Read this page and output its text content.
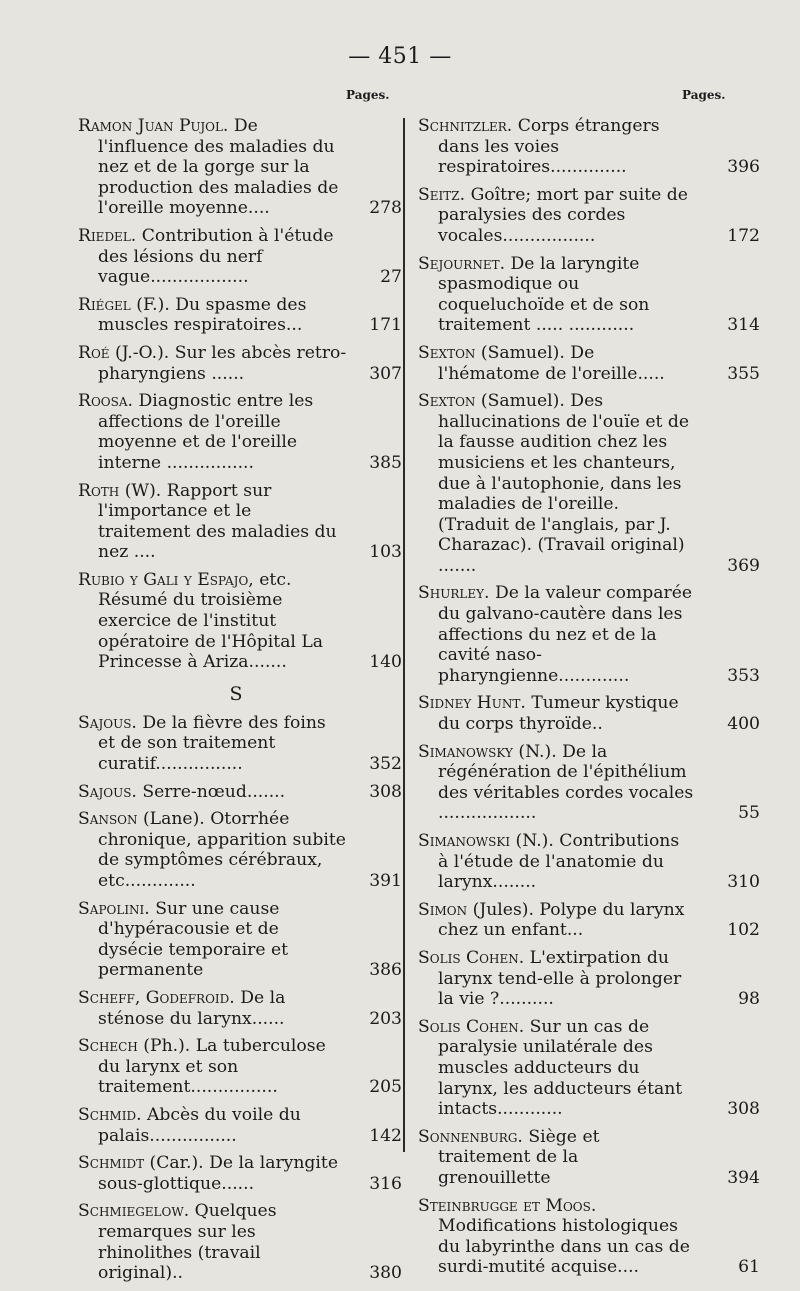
— 451 —
Pages.	Pages.
Ramon Juan Pujol. De l'influence des maladies du nez et de la gorge sur la production des maladies de l'oreille moyenne....	278
Riedel. Contribution à l'étude des lésions du nerf vague..................	27
Riégel (F.). Du spasme des muscles respiratoires...	171
Roé (J.-O.). Sur les abcès retro-pharyngiens ......	307
Roosa. Diagnostic entre les affections de l'oreille moyenne et de l'oreille interne ................	385
Roth (W). Rapport sur l'importance et le traitement des maladies du nez ....	103
Rubio y Gali y Espajo, etc. Résumé du troisième exercice de l'institut opératoire de l'Hôpital La Princesse à Ariza.......	140
S
Sajous. De la fièvre des foins et de son traitement curatif................	352
Sajous. Serre-nœud.......	308
Sanson (Lane). Otorrhée chronique, apparition subite de symptômes cérébraux, etc.............	391
Sapolini. Sur une cause d'hypéracousie et de dysécie temporaire et permanente	386
Scheff, Godefroid. De la sténose du larynx......	203
Schech (Ph.). La tuberculose du larynx et son traitement................	205
Schmid. Abcès du voile du palais................	142
Schmidt (Car.). De la laryngite sous-glottique......	316
Schmiegelow. Quelques remarques sur les rhinolithes (travail original)..	380
Schnitzler. Corps étrangers dans les voies respiratoires..............	396
Seitz. Goître; mort par suite de paralysies des cordes vocales.................	172
Sejournet. De la laryngite spasmodique ou coqueluchoïde et de son traitement ..... ............	314
Sexton (Samuel). De l'hématome de l'oreille.....	355
Sexton (Samuel). Des hallucinations de l'ouïe et de la fausse audition chez les musiciens et les chanteurs, due à l'autophonie, dans les maladies de l'oreille. (Traduit de l'anglais, par J. Charazac). (Travail original) .......	369
Shurley. De la valeur comparée du galvano-cautère dans les affections du nez et de la cavité naso-pharyngienne.............	353
Sidney Hunt. Tumeur kystique du corps thyroïde..	400
Simanowsky (N.). De la régénération de l'épithélium des véritables cordes vocales ..................	55
Simanowski (N.). Contributions à l'étude de l'anatomie du larynx........	310
Simon (Jules). Polype du larynx chez un enfant...	102
Solis Cohen. L'extirpation du larynx tend-elle à prolonger la vie ?..........	98
Solis Cohen. Sur un cas de paralysie unilatérale des muscles adducteurs du larynx, les adducteurs étant intacts............	308
Sonnenburg. Siège et traitement de la grenouillette	394
Steinbrugge et Moos. Modifications histologiques du labyrinthe dans un cas de surdi-mutité acquise....	61
